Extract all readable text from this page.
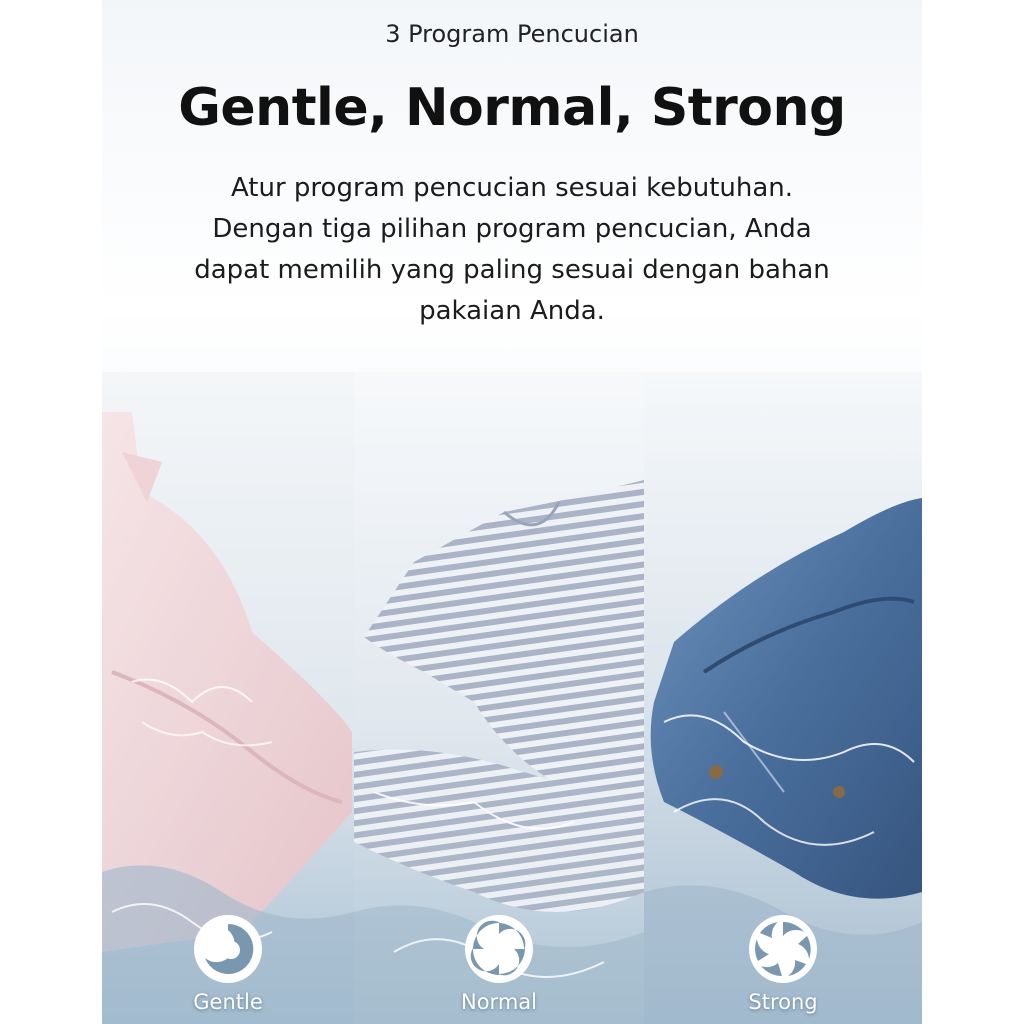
3 Program Pencucian
Gentle, Normal, Strong
Atur program pencucian sesuai kebutuhan.
Dengan tiga pilihan program pencucian, Anda
dapat memilih yang paling sesuai dengan bahan
pakaian Anda.
Gentle	Normal	Strong
